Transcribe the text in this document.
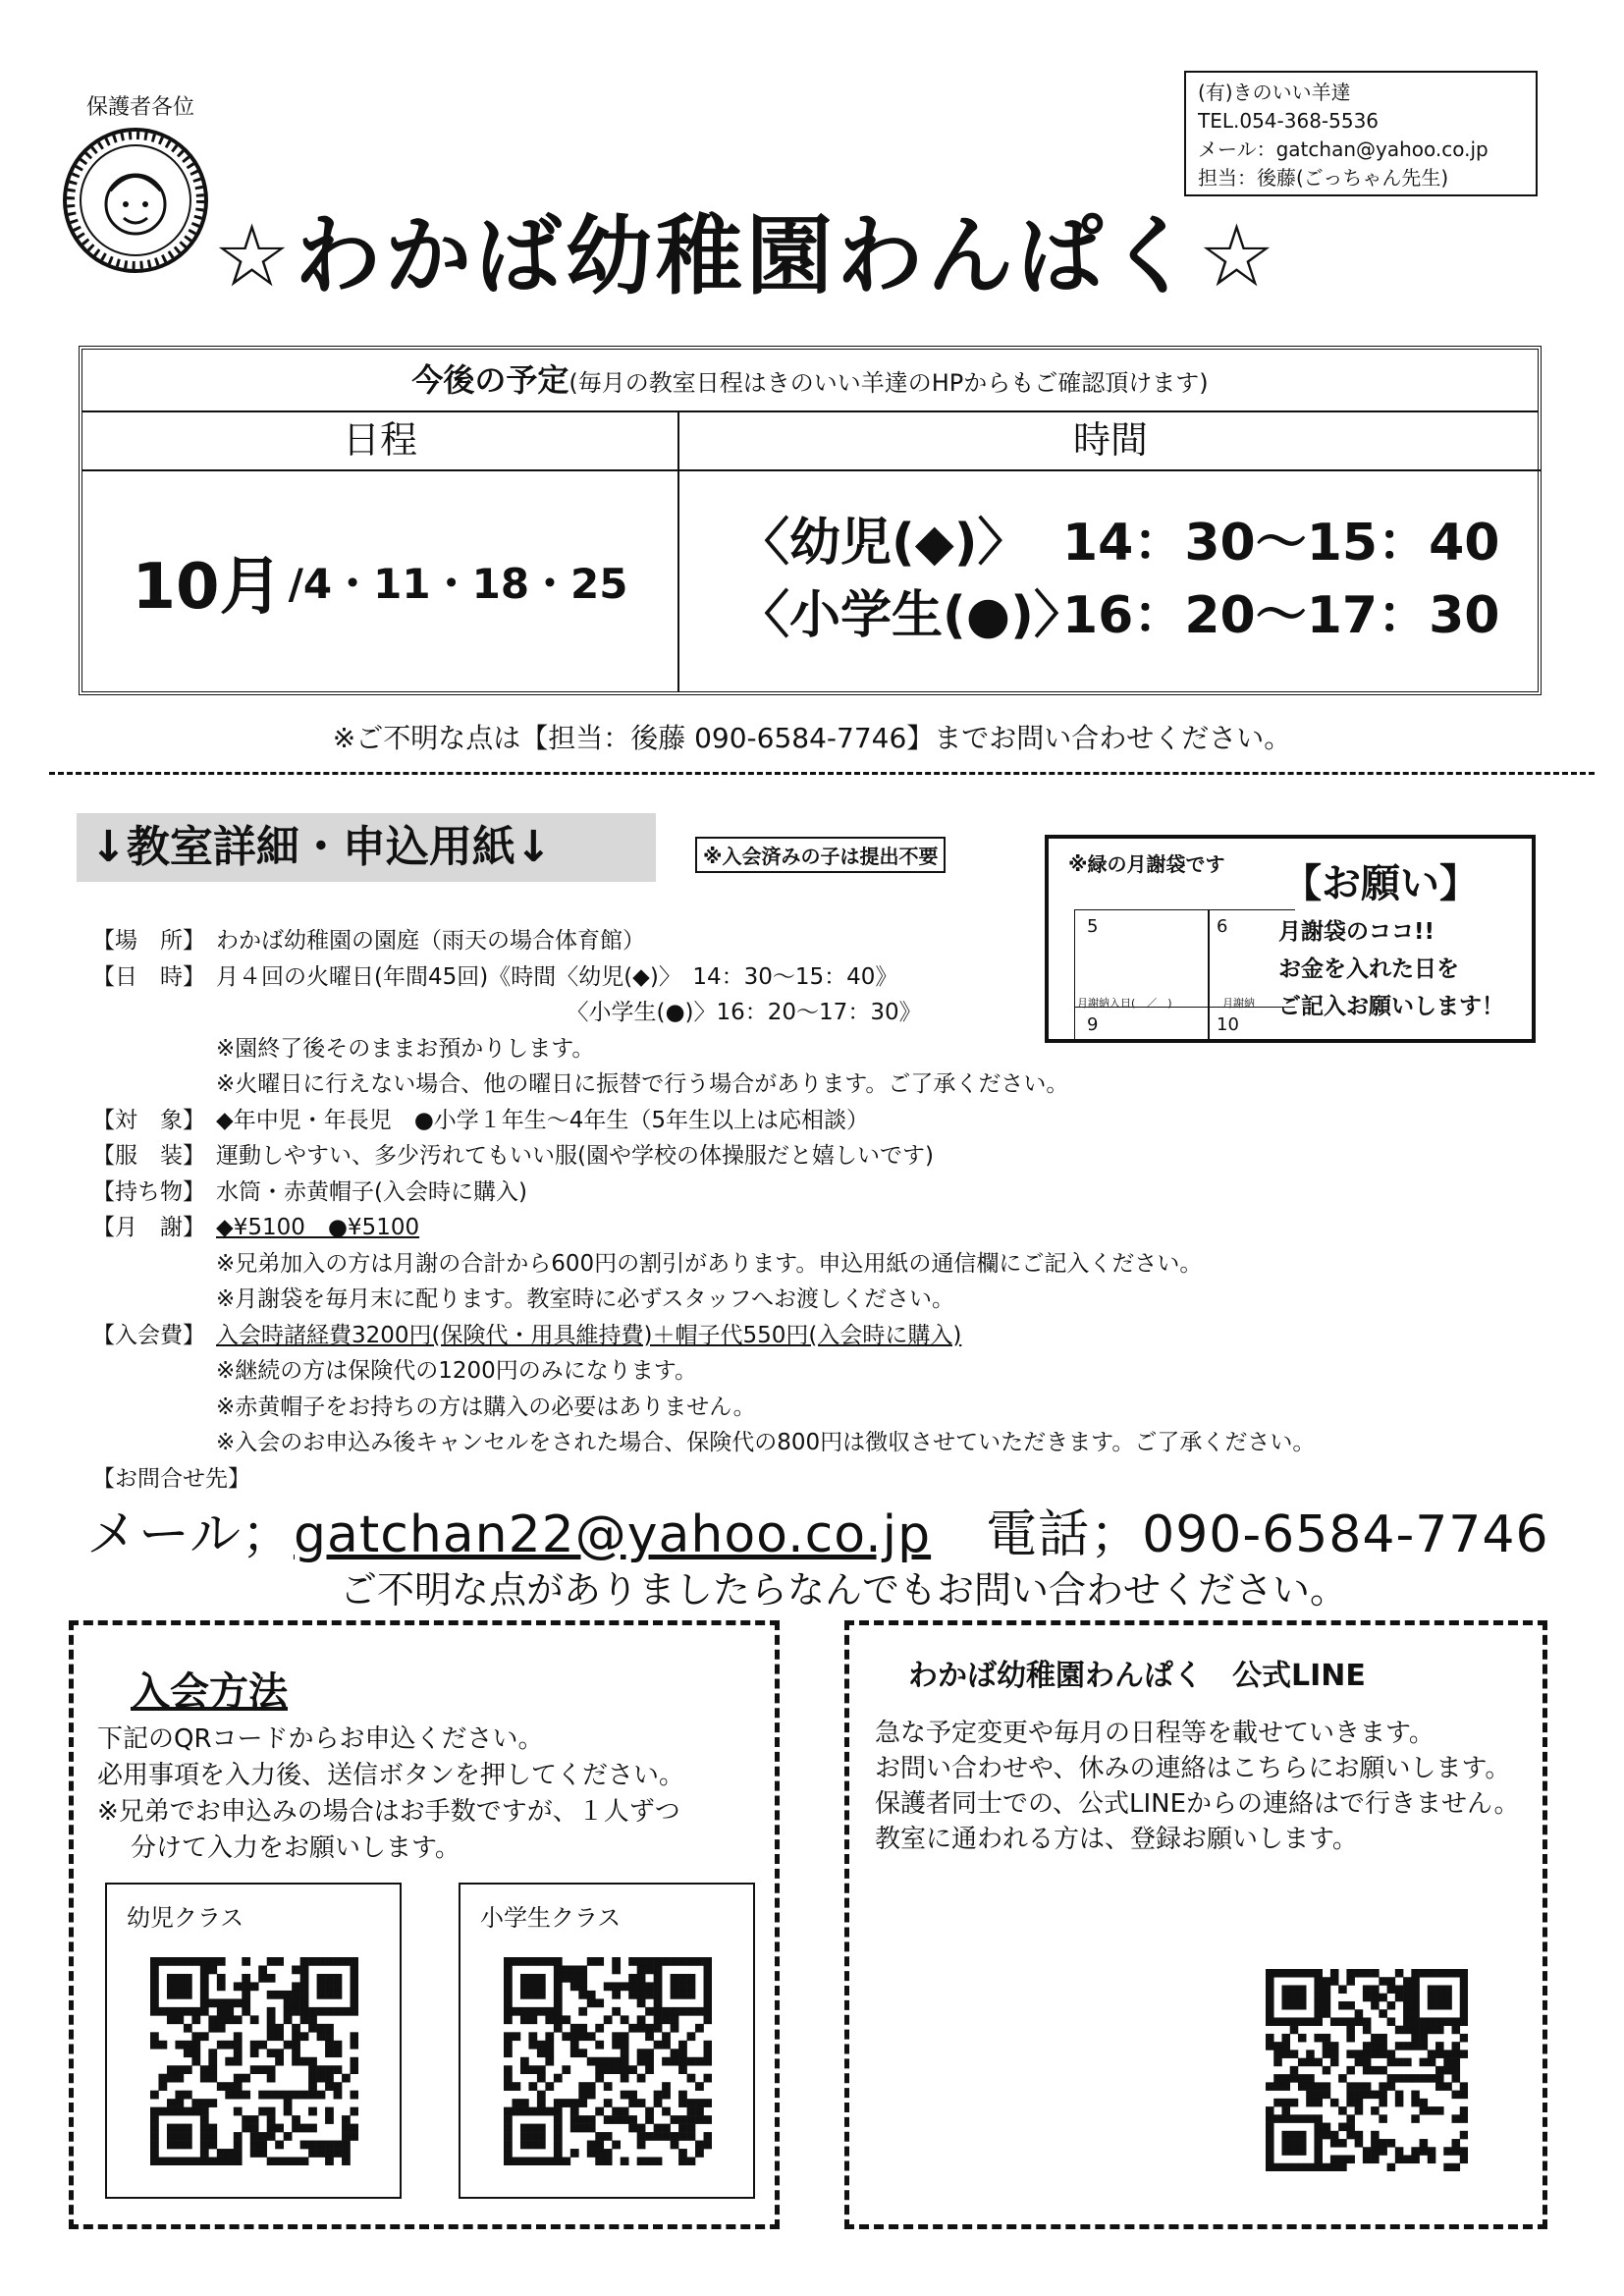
保護者各位
(有)きのいい羊達
TEL.054-368-5536
メール：gatchan@yahoo.co.jp
担当：後藤(ごっちゃん先生)
☆わかば幼稚園わんぱく☆
今後の予定(毎月の教室日程はきのいい羊達のHPからもご確認頂けます)
日程	時間
10月 /4・11・18・25
〈幼児(◆)〉 14：30〜15：40
〈小学生(●)〉16：20〜17：30
※ご不明な点は【担当：後藤 090-6584-7746】までお問い合わせください。
↓教室詳細・申込用紙↓	※入会済みの子は提出不要	※緑の月謝袋です
5	6
9	10
月謝納入日(　／　)	月謝納
【お願い】
月謝袋のココ!!
お金を入れた日を
ご記入お願いします！
【場　所】 わかば幼稚園の園庭（雨天の場合体育館）
【日　時】 月４回の火曜日(年間45回)《時間〈幼児(◆)〉　14：30〜15：40》
　　　　　　　　　　　　　　　　〈小学生(●)〉16：20〜17：30》
※園終了後そのままお預かりします。
※火曜日に行えない場合、他の曜日に振替で行う場合があります。ご了承ください。
【対　象】 ◆年中児・年長児　●小学１年生〜4年生（5年生以上は応相談）
【服　装】 運動しやすい、多少汚れてもいい服(園や学校の体操服だと嬉しいです)
【持ち物】 水筒・赤黄帽子(入会時に購入)
【月　謝】 ◆¥5100　●¥5100
※兄弟加入の方は月謝の合計から600円の割引があります。申込用紙の通信欄にご記入ください。
※月謝袋を毎月末に配ります。教室時に必ずスタッフへお渡しください。
【入会費】 入会時諸経費3200円(保険代・用具維持費)＋帽子代550円(入会時に購入)
※継続の方は保険代の1200円のみになります。
※赤黄帽子をお持ちの方は購入の必要はありません。
※入会のお申込み後キャンセルをされた場合、保険代の800円は徴収させていただきます。ご了承ください。
【お問合せ先】
メール；gatchan22@yahoo.co.jp 電話；090-6584-7746
ご不明な点がありましたらなんでもお問い合わせください。
入会方法
下記のQRコードからお申込ください。
必用事項を入力後、送信ボタンを押してください。
※兄弟でお申込みの場合はお手数ですが、１人ずつ
分けて入力をお願いします。
幼児クラス	小学生クラス
わかば幼稚園わんぱく　公式LINE
急な予定変更や毎月の日程等を載せていきます。
お問い合わせや、休みの連絡はこちらにお願いします。
保護者同士での、公式LINEからの連絡はで行きません。
教室に通われる方は、登録お願いします。
